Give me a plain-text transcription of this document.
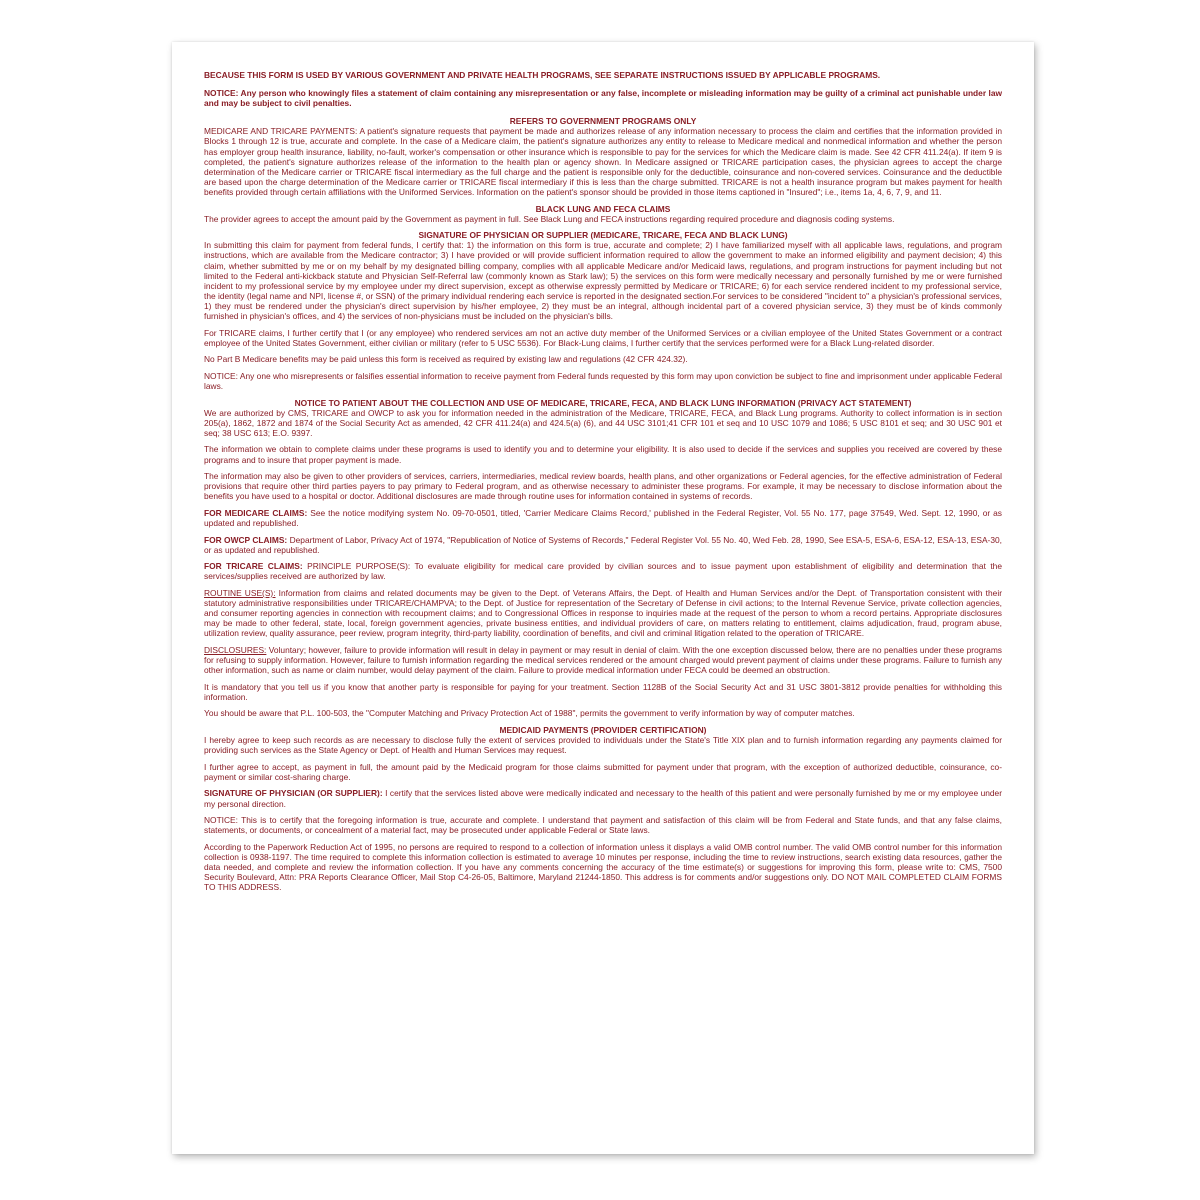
BECAUSE THIS FORM IS USED BY VARIOUS GOVERNMENT AND PRIVATE HEALTH PROGRAMS, SEE SEPARATE INSTRUCTIONS ISSUED BY APPLICABLE PROGRAMS.

NOTICE: Any person who knowingly files a statement of claim containing any misrepresentation or any false, incomplete or misleading information may be guilty of a criminal act punishable under law and may be subject to civil penalties.

REFERS TO GOVERNMENT PROGRAMS ONLY

MEDICARE AND TRICARE PAYMENTS: A patient's signature requests that payment be made and authorizes release of any information necessary to process the claim and certifies that the information provided in Blocks 1 through 12 is true, accurate and complete. In the case of a Medicare claim, the patient's signature authorizes any entity to release to Medicare medical and nonmedical information and whether the person has employer group health insurance, liability, no-fault, worker's compensation or other insurance which is responsible to pay for the services for which the Medicare claim is made. See 42 CFR 411.24(a). If item 9 is completed, the patient's signature authorizes release of the information to the health plan or agency shown. In Medicare assigned or TRICARE participation cases, the physician agrees to accept the charge determination of the Medicare carrier or TRICARE fiscal intermediary as the full charge and the patient is responsible only for the deductible, coinsurance and non-covered services. Coinsurance and the deductible are based upon the charge determination of the Medicare carrier or TRICARE fiscal intermediary if this is less than the charge submitted. TRICARE is not a health insurance program but makes payment for health benefits provided through certain affiliations with the Uniformed Services. Information on the patient's sponsor should be provided in those items captioned in "Insured"; i.e., items 1a, 4, 6, 7, 9, and 11.

BLACK LUNG AND FECA CLAIMS

The provider agrees to accept the amount paid by the Government as payment in full. See Black Lung and FECA instructions regarding required procedure and diagnosis coding systems.

SIGNATURE OF PHYSICIAN OR SUPPLIER (MEDICARE, TRICARE, FECA AND BLACK LUNG)

In submitting this claim for payment from federal funds, I certify that: 1) the information on this form is true, accurate and complete; 2) I have familiarized myself with all applicable laws, regulations, and program instructions, which are available from the Medicare contractor; 3) I have provided or will provide sufficient information required to allow the government to make an informed eligibility and payment decision; 4) this claim, whether submitted by me or on my behalf by my designated billing company, complies with all applicable Medicare and/or Medicaid laws, regulations, and program instructions for payment including but not limited to the Federal anti-kickback statute and Physician Self-Referral law (commonly known as Stark law); 5) the services on this form were medically necessary and personally furnished by me or were furnished incident to my professional service by my employee under my direct supervision, except as otherwise expressly permitted by Medicare or TRICARE; 6) for each service rendered incident to my professional service, the identity (legal name and NPI, license #, or SSN) of the primary individual rendering each service is reported in the designated section.For services to be considered "incident to" a physician's professional services, 1) they must be rendered under the physician's direct supervision by his/her employee, 2) they must be an integral, although incidental part of a covered physician service, 3) they must be of kinds commonly furnished in physician's offices, and 4) the services of non-physicians must be included on the physician's bills.

For TRICARE claims, I further certify that I (or any employee) who rendered services am not an active duty member of the Uniformed Services or a civilian employee of the United States Government or a contract employee of the United States Government, either civilian or military (refer to 5 USC 5536). For Black-Lung claims, I further certify that the services performed were for a Black Lung-related disorder.

No Part B Medicare benefits may be paid unless this form is received as required by existing law and regulations (42 CFR 424.32).

NOTICE: Any one who misrepresents or falsifies essential information to receive payment from Federal funds requested by this form may upon conviction be subject to fine and imprisonment under applicable Federal laws.

NOTICE TO PATIENT ABOUT THE COLLECTION AND USE OF MEDICARE, TRICARE, FECA, AND BLACK LUNG INFORMATION (PRIVACY ACT STATEMENT)

We are authorized by CMS, TRICARE and OWCP to ask you for information needed in the administration of the Medicare, TRICARE, FECA, and Black Lung programs. Authority to collect information is in section 205(a), 1862, 1872 and 1874 of the Social Security Act as amended, 42 CFR 411.24(a) and 424.5(a) (6), and 44 USC 3101;41 CFR 101 et seq and 10 USC 1079 and 1086; 5 USC 8101 et seq; and 30 USC 901 et seq; 38 USC 613; E.O. 9397.

The information we obtain to complete claims under these programs is used to identify you and to determine your eligibility. It is also used to decide if the services and supplies you received are covered by these programs and to insure that proper payment is made.

The information may also be given to other providers of services, carriers, intermediaries, medical review boards, health plans, and other organizations or Federal agencies, for the effective administration of Federal provisions that require other third parties payers to pay primary to Federal program, and as otherwise necessary to administer these programs. For example, it may be necessary to disclose information about the benefits you have used to a hospital or doctor. Additional disclosures are made through routine uses for information contained in systems of records.

FOR MEDICARE CLAIMS: See the notice modifying system No. 09-70-0501, titled, 'Carrier Medicare Claims Record,' published in the Federal Register, Vol. 55 No. 177, page 37549, Wed. Sept. 12, 1990, or as updated and republished.

FOR OWCP CLAIMS: Department of Labor, Privacy Act of 1974, "Republication of Notice of Systems of Records," Federal Register Vol. 55 No. 40, Wed Feb. 28, 1990, See ESA-5, ESA-6, ESA-12, ESA-13, ESA-30, or as updated and republished.

FOR TRICARE CLAIMS: PRINCIPLE PURPOSE(S): To evaluate eligibility for medical care provided by civilian sources and to issue payment upon establishment of eligibility and determination that the services/supplies received are authorized by law.

ROUTINE USE(S): Information from claims and related documents may be given to the Dept. of Veterans Affairs, the Dept. of Health and Human Services and/or the Dept. of Transportation consistent with their statutory administrative responsibilities under TRICARE/CHAMPVA; to the Dept. of Justice for representation of the Secretary of Defense in civil actions; to the Internal Revenue Service, private collection agencies, and consumer reporting agencies in connection with recoupment claims; and to Congressional Offices in response to inquiries made at the request of the person to whom a record pertains. Appropriate disclosures may be made to other federal, state, local, foreign government agencies, private business entities, and individual providers of care, on matters relating to entitlement, claims adjudication, fraud, program abuse, utilization review, quality assurance, peer review, program integrity, third-party liability, coordination of benefits, and civil and criminal litigation related to the operation of TRICARE.

DISCLOSURES: Voluntary; however, failure to provide information will result in delay in payment or may result in denial of claim. With the one exception discussed below, there are no penalties under these programs for refusing to supply information. However, failure to furnish information regarding the medical services rendered or the amount charged would prevent payment of claims under these programs. Failure to furnish any other information, such as name or claim number, would delay payment of the claim. Failure to provide medical information under FECA could be deemed an obstruction.

It is mandatory that you tell us if you know that another party is responsible for paying for your treatment. Section 1128B of the Social Security Act and 31 USC 3801-3812 provide penalties for withholding this information.

You should be aware that P.L. 100-503, the "Computer Matching and Privacy Protection Act of 1988", permits the government to verify information by way of computer matches.

MEDICAID PAYMENTS (PROVIDER CERTIFICATION)

I hereby agree to keep such records as are necessary to disclose fully the extent of services provided to individuals under the State's Title XIX plan and to furnish information regarding any payments claimed for providing such services as the State Agency or Dept. of Health and Human Services may request.

I further agree to accept, as payment in full, the amount paid by the Medicaid program for those claims submitted for payment under that program, with the exception of authorized deductible, coinsurance, co-payment or similar cost-sharing charge.

SIGNATURE OF PHYSICIAN (OR SUPPLIER): I certify that the services listed above were medically indicated and necessary to the health of this patient and were personally furnished by me or my employee under my personal direction.

NOTICE: This is to certify that the foregoing information is true, accurate and complete. I understand that payment and satisfaction of this claim will be from Federal and State funds, and that any false claims, statements, or documents, or concealment of a material fact, may be prosecuted under applicable Federal or State laws.

According to the Paperwork Reduction Act of 1995, no persons are required to respond to a collection of information unless it displays a valid OMB control number. The valid OMB control number for this information collection is 0938-1197. The time required to complete this information collection is estimated to average 10 minutes per response, including the time to review instructions, search existing data resources, gather the data needed, and complete and review the information collection. If you have any comments concerning the accuracy of the time estimate(s) or suggestions for improving this form, please write to: CMS, 7500 Security Boulevard, Attn: PRA Reports Clearance Officer, Mail Stop C4-26-05, Baltimore, Maryland 21244-1850. This address is for comments and/or suggestions only. DO NOT MAIL COMPLETED CLAIM FORMS TO THIS ADDRESS.
